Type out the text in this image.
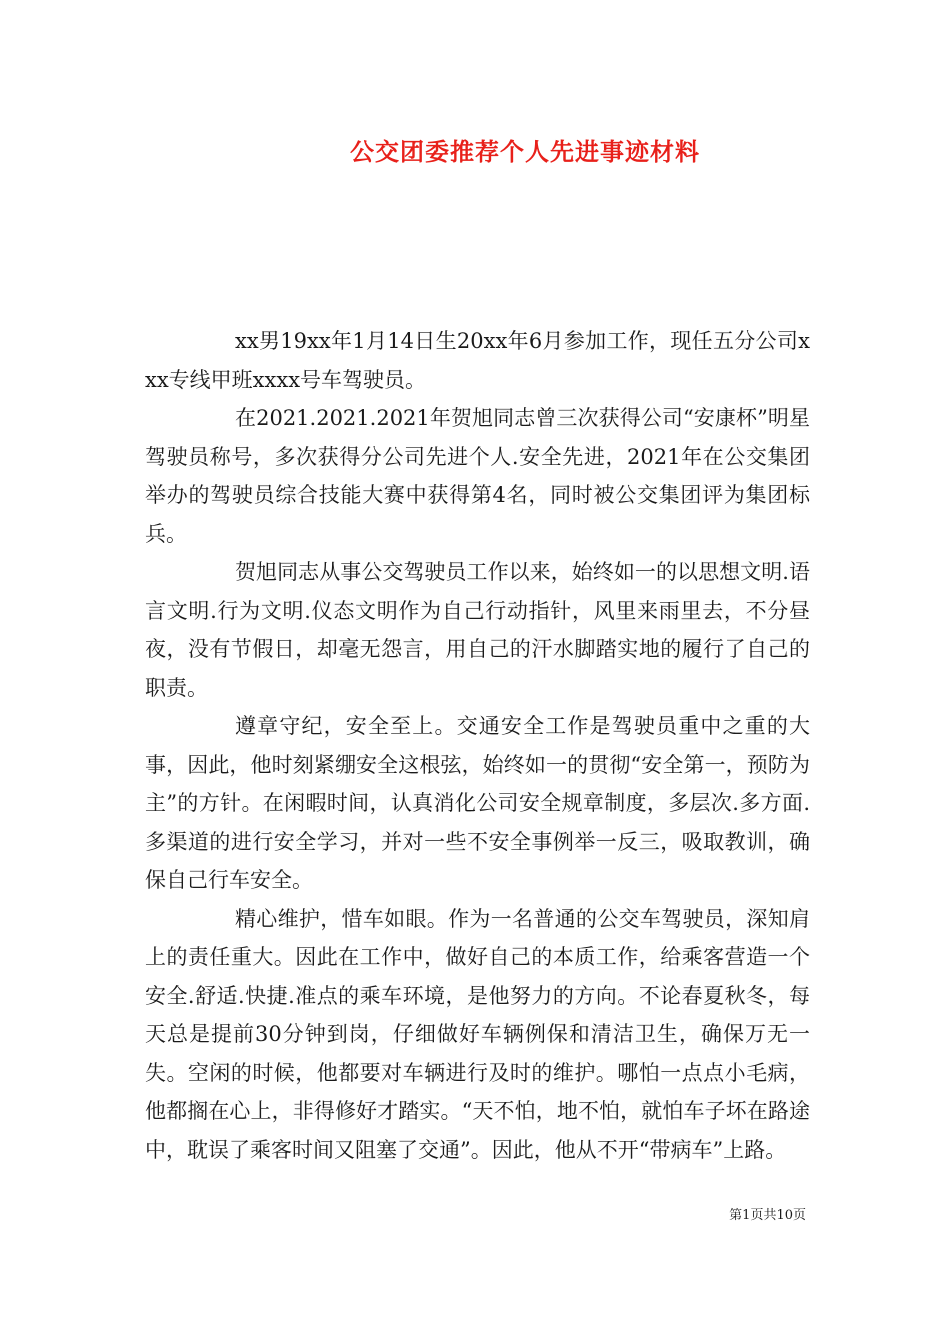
公交团委推荐个人先进事迹材料

xx男19xx年1月14日生20xx年6月参加工作，现任五分公司xxx专线甲班xxxx号车驾驶员。

在2021.2021.2021年贺旭同志曾三次获得公司“安康杯”明星驾驶员称号，多次获得分公司先进个人.安全先进，2021年在公交集团举办的驾驶员综合技能大赛中获得第4名，同时被公交集团评为集团标兵。

贺旭同志从事公交驾驶员工作以来，始终如一的以思想文明.语言文明.行为文明.仪态文明作为自己行动指针，风里来雨里去，不分昼夜，没有节假日，却毫无怨言，用自己的汗水脚踏实地的履行了自己的职责。

遵章守纪，安全至上。交通安全工作是驾驶员重中之重的大事，因此，他时刻紧绷安全这根弦，始终如一的贯彻“安全第一，预防为主”的方针。在闲暇时间，认真消化公司安全规章制度，多层次.多方面.多渠道的进行安全学习，并对一些不安全事例举一反三，吸取教训，确保自己行车安全。

精心维护，惜车如眼。作为一名普通的公交车驾驶员，深知肩上的责任重大。因此在工作中，做好自己的本质工作，给乘客营造一个安全.舒适.快捷.准点的乘车环境，是他努力的方向。不论春夏秋冬，每天总是提前30分钟到岗，仔细做好车辆例保和清洁卫生，确保万无一失。空闲的时候，他都要对车辆进行及时的维护。哪怕一点点小毛病，他都搁在心上，非得修好才踏实。“天不怕，地不怕，就怕车子坏在路途中，耽误了乘客时间又阻塞了交通”。因此，他从不开“带病车”上路。

第1页共10页
